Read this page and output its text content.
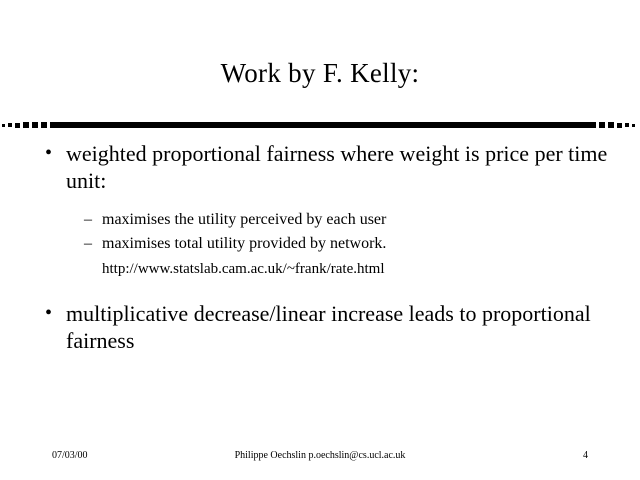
Work by F. Kelly:
• weighted proportional fairness where weight is price per time unit:
– maximises the utility perceived by each user
– maximises total utility provided by network.
http://www.statslab.cam.ac.uk/~frank/rate.html
• multiplicative decrease/linear increase leads to proportional fairness
07/03/00	Philippe Oechslin p.oechslin@cs.ucl.ac.uk	4
